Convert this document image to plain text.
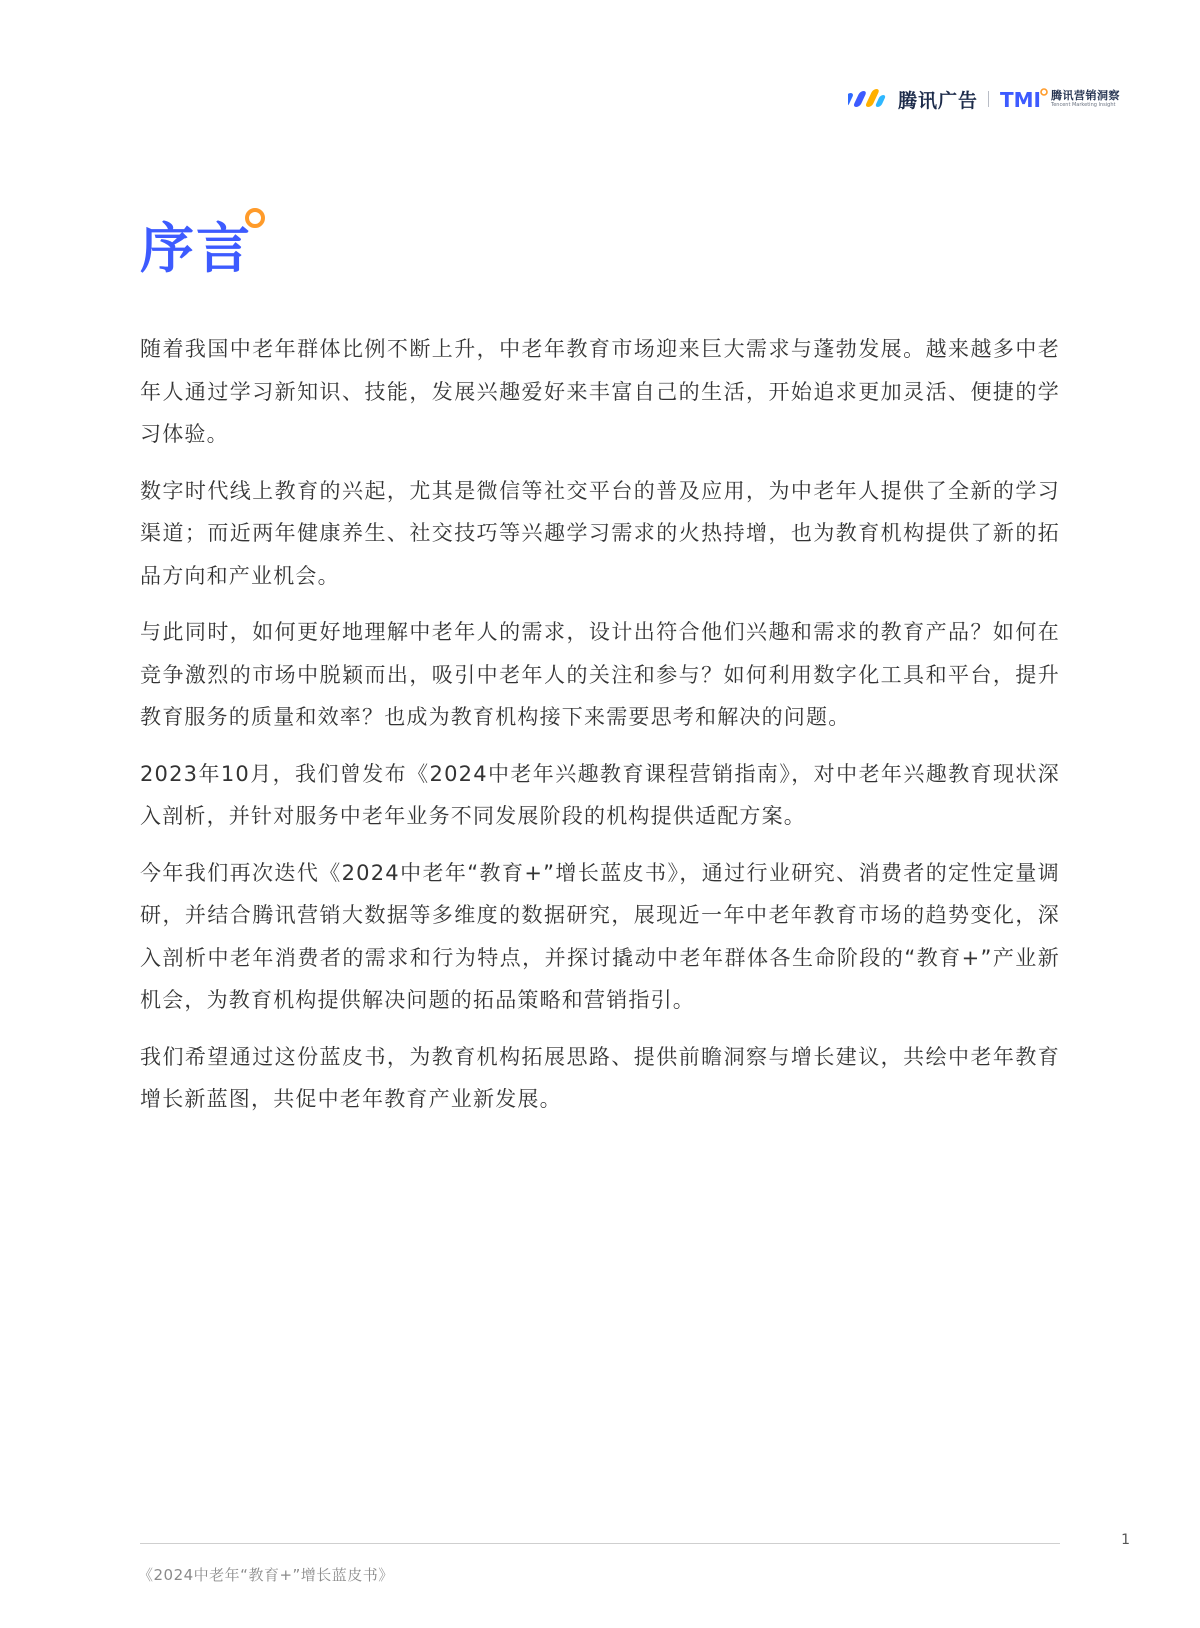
腾讯广告 TMI 腾讯营销洞察
Tencent Marketing Insight
序言

随着我国中老年群体比例不断上升，中老年教育市场迎来巨大需求与蓬勃发展。越来越多中老年人通过学习新知识、技能，发展兴趣爱好来丰富自己的生活，开始追求更加灵活、便捷的学习体验。

数字时代线上教育的兴起，尤其是微信等社交平台的普及应用，为中老年人提供了全新的学习渠道；而近两年健康养生、社交技巧等兴趣学习需求的火热持增，也为教育机构提供了新的拓品方向和产业机会。

与此同时，如何更好地理解中老年人的需求，设计出符合他们兴趣和需求的教育产品？如何在竞争激烈的市场中脱颖而出，吸引中老年人的关注和参与？如何利用数字化工具和平台，提升教育服务的质量和效率？也成为教育机构接下来需要思考和解决的问题。

2023年10月，我们曾发布《2024中老年兴趣教育课程营销指南》，对中老年兴趣教育现状深入剖析，并针对服务中老年业务不同发展阶段的机构提供适配方案。

今年我们再次迭代《2024中老年“教育+”增长蓝皮书》，通过行业研究、消费者的定性定量调研，并结合腾讯营销大数据等多维度的数据研究，展现近一年中老年教育市场的趋势变化，深入剖析中老年消费者的需求和行为特点，并探讨撬动中老年群体各生命阶段的“教育+”产业新机会，为教育机构提供解决问题的拓品策略和营销指引。

我们希望通过这份蓝皮书，为教育机构拓展思路、提供前瞻洞察与增长建议，共绘中老年教育增长新蓝图，共促中老年教育产业新发展。

1
《2024中老年“教育+”增长蓝皮书》
